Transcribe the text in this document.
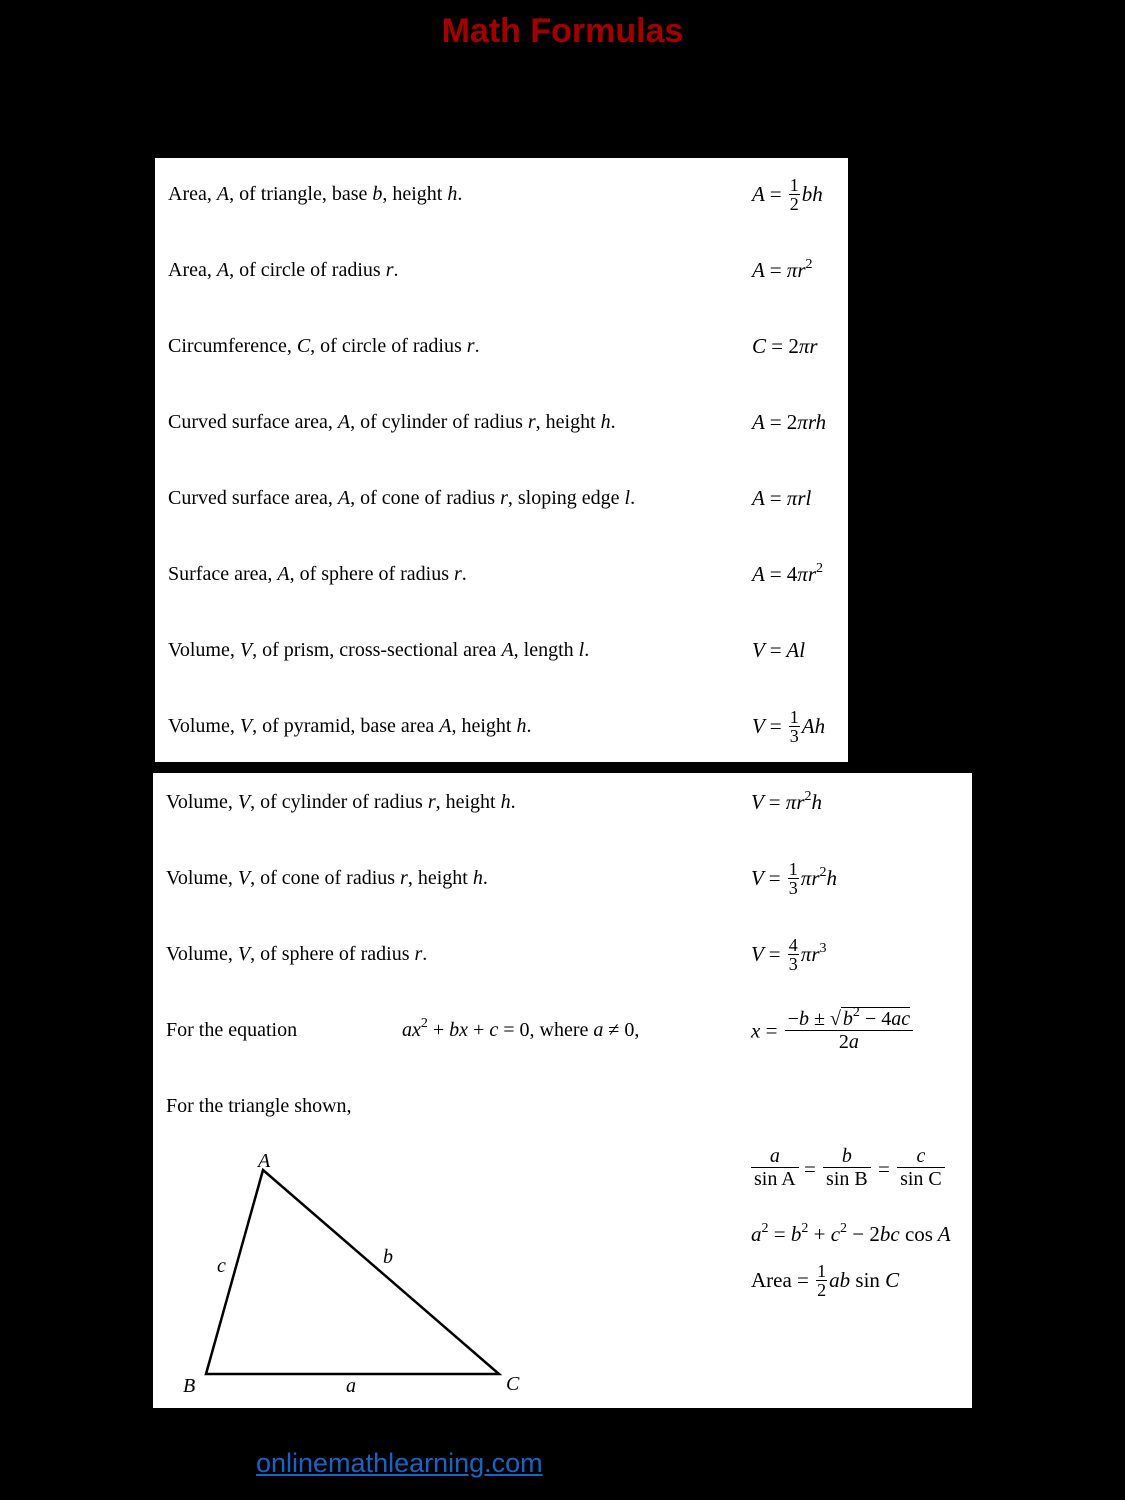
Math Formulas
Area, A, of triangle, base b, height h.	$A = \frac{1}{2}$ bh
Area, A, of circle of radius r.	$A = \pi r^2$
Circumference, C, of circle of radius r.	C = 2πr
Curved surface area, A, of cylinder of radius r, height h.	A = 2πrh
Curved surface area, A, of cone of radius r, sloping edge l.	A = πrl
Surface area, A, of sphere of radius r.	$A = 4\pi r^2$
Volume, V, of prism, cross-sectional area A, length l.	V = Al
Volume, V, of pyramid, base area A, height h.	$V = \frac{1}{3}$ Ah
Volume, V, of cylinder of radius r, height h.	$V = \pi r^2h$
Volume, V, of cone of radius r, height h.	$V = \frac{1}{3} \pi r^2h$
Volume, V, of sphere of radius r.	$V = \frac{4}{3} \pi r^3$
For the equation	$ax^2$ + bx + c = 0, where a ≠ 0,	$x = \frac{-b \pm √ b^2 - 4ac}{2a}$
For the triangle shown,
A
B	C
a
b
c
$\frac{a}{\text{sin A}} = \frac{b}{\text{sin B}} = \frac{c}{\text{sin C}}$
$a^2 = b^2 + c^2 - 2bc$ cos A
Area = $\frac{1}{2}$ ab sin C
onlinemathlearning.com
